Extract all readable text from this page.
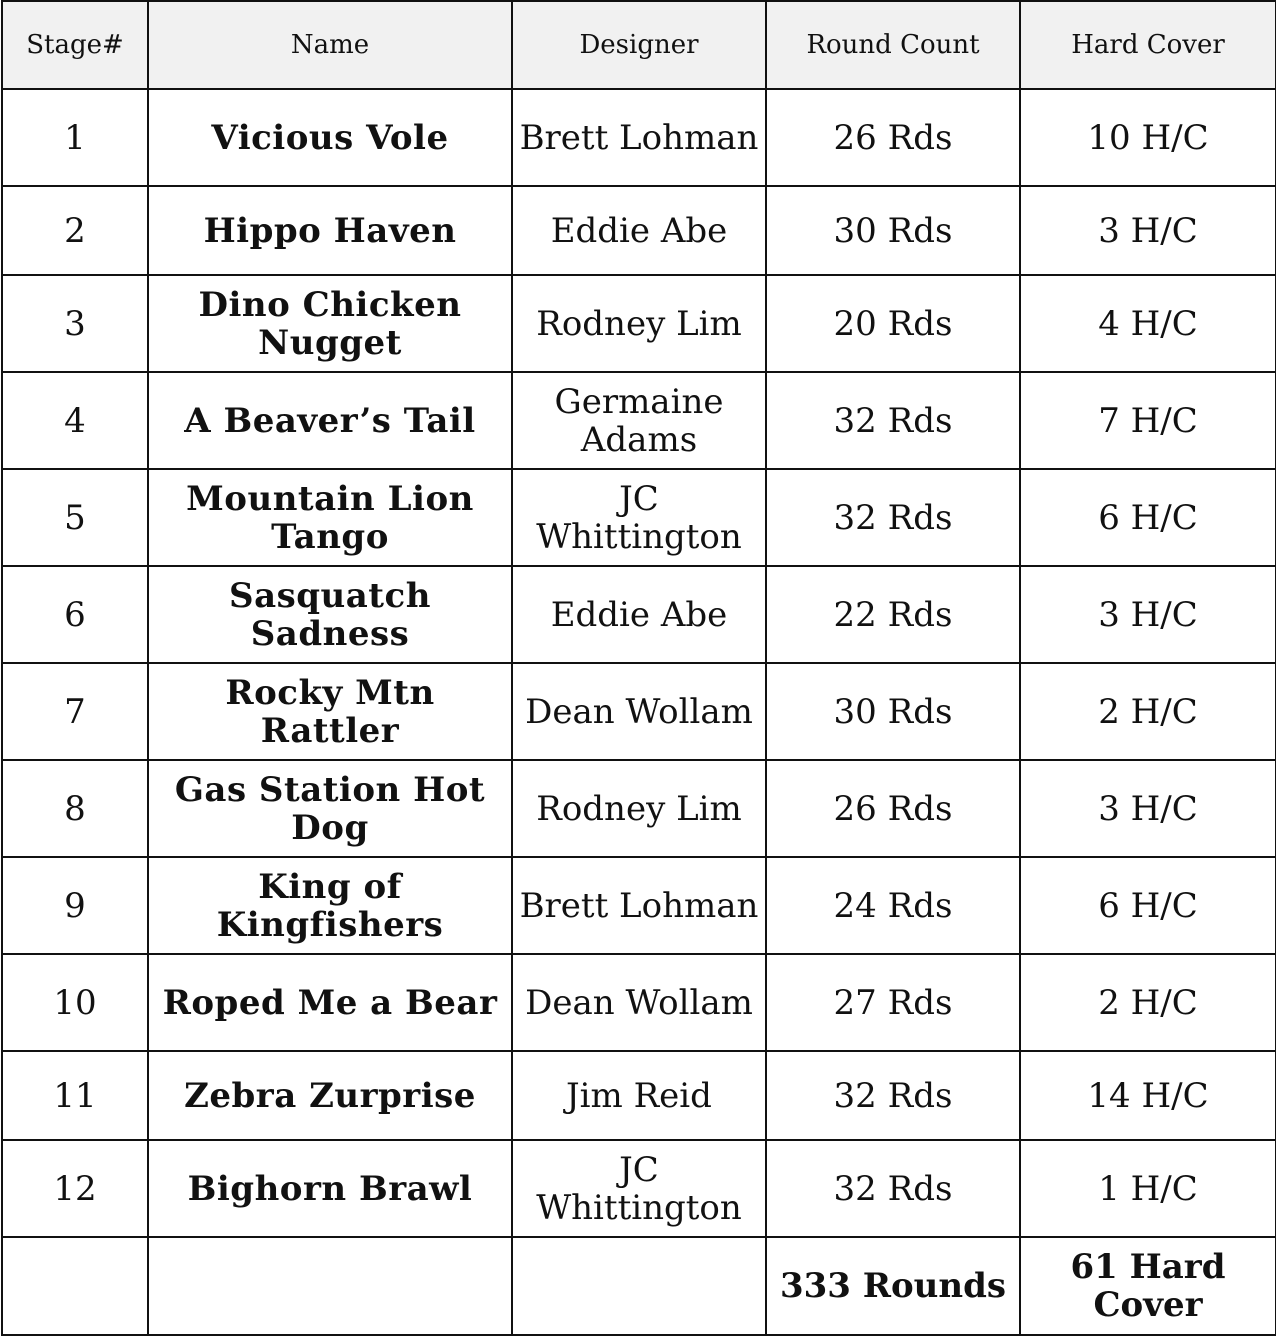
Stage#	Name	Designer	Round Count	Hard Cover
1	Vicious Vole	Brett Lohman	26 Rds	10 H/C
2	Hippo Haven	Eddie Abe	30 Rds	3 H/C
3	Dino Chicken Nugget	Rodney Lim	20 Rds	4 H/C
4	A Beaver’s Tail	Germaine Adams	32 Rds	7 H/C
5	Mountain Lion Tango	JC Whittington	32 Rds	6 H/C
6	Sasquatch Sadness	Eddie Abe	22 Rds	3 H/C
7	Rocky Mtn Rattler	Dean Wollam	30 Rds	2 H/C
8	Gas Station Hot Dog	Rodney Lim	26 Rds	3 H/C
9	King of Kingfishers	Brett Lohman	24 Rds	6 H/C
10	Roped Me a Bear	Dean Wollam	27 Rds	2 H/C
11	Zebra Zurprise	Jim Reid	32 Rds	14 H/C
12	Bighorn Brawl	JC Whittington	32 Rds	1 H/C
			333 Rounds	61 Hard Cover
